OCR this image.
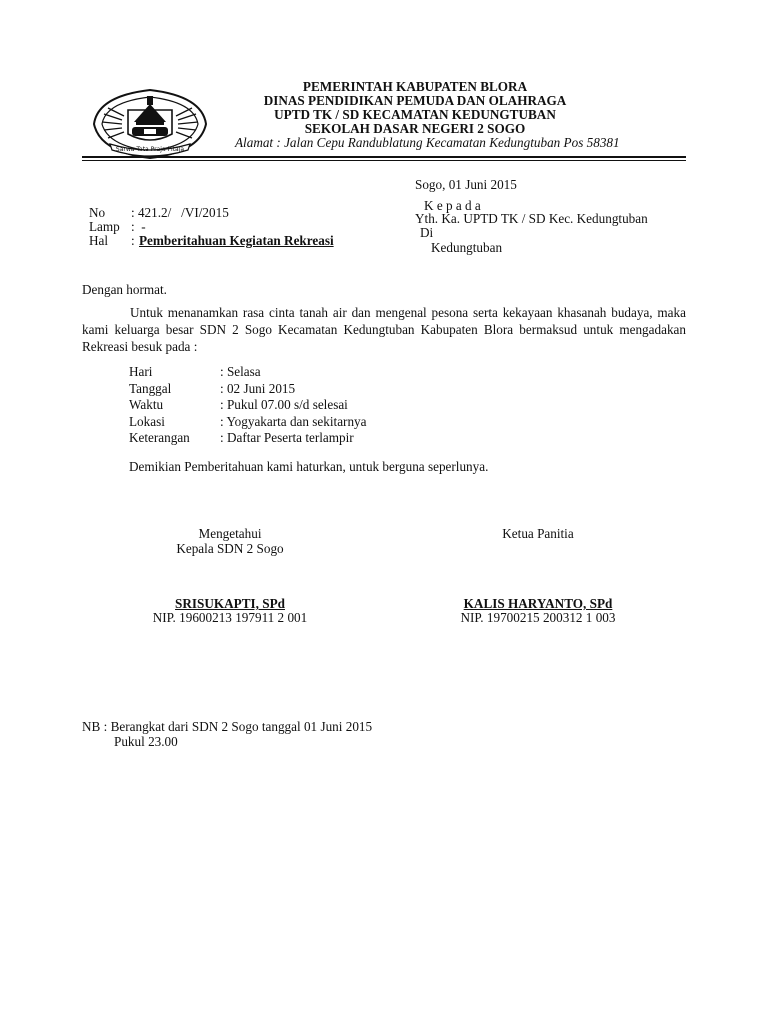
Sarwa Tata Praja Pitaja
PEMERINTAH KABUPATEN BLORA
DINAS PENDIDIKAN PEMUDA DAN OLAHRAGA
UPTD TK / SD KECAMATAN KEDUNGTUBAN
SEKOLAH DASAR NEGERI 2 SOGO
Alamat : Jalan Cepu Randublatung Kecamatan Kedungtuban Pos 58381
Sogo, 01 Juni 2015
K e p a d a
Yth. Ka. UPTD TK / SD Kec. Kedungtuban
Di
Kedungtuban
No : 421.2/   /VI/2015
Lamp :  -
Hal : Pemberitahuan Kegiatan Rekreasi
Dengan hormat.
Untuk menanamkan rasa cinta tanah air dan mengenal pesona serta kekayaan khasanah budaya, maka kami keluarga besar SDN 2 Sogo Kecamatan Kedungtuban Kabupaten Blora bermaksud untuk mengadakan Rekreasi besuk pada :
Hari	: Selasa
Tanggal	: 02 Juni 2015
Waktu	: Pukul 07.00 s/d selesai
Lokasi	: Yogyakarta dan sekitarnya
Keterangan : Daftar Peserta terlampir
Demikian Pemberitahuan kami haturkan, untuk berguna seperlunya.
Mengetahui
Kepala SDN 2 Sogo
Ketua Panitia
SRISUKAPTI, SPd
NIP. 19600213 197911 2 001
KALIS HARYANTO, SPd
NIP. 19700215 200312 1 003
NB : Berangkat dari SDN 2 Sogo tanggal 01 Juni 2015
Pukul 23.00
